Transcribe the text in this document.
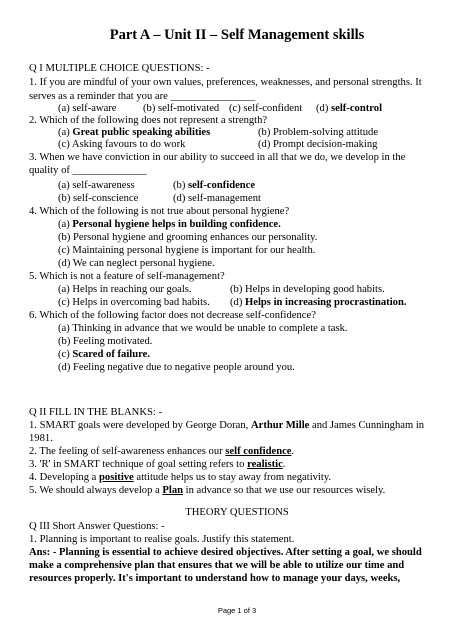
Part A – Unit II – Self Management skills
Q I MULTIPLE CHOICE QUESTIONS: -
1. If you are mindful of your own values, preferences, weaknesses, and personal strengths. It
serves as a reminder that you are ________________
(a) self-aware (b) self-motivated (c) self-confident (d) self-control
2. Which of the following does not represent a strength?
(a) Great public speaking abilities	(b) Problem-solving attitude
(c) Asking favours to do work	(d) Prompt decision-making
3. When we have conviction in our ability to succeed in all that we do, we develop in the
quality of ______________
(a) self-awareness	(b) self-confidence
(b) self-conscience	(d) self-management
4. Which of the following is not true about personal hygiene?
(a) Personal hygiene helps in building confidence.
(b) Personal hygiene and grooming enhances our personality.
(c) Maintaining personal hygiene is important for our health.
(d) We can neglect personal hygiene.
5. Which is not a feature of self-management?
(a) Helps in reaching our goals.	(b) Helps in developing good habits.
(c) Helps in overcoming bad habits. (d) Helps in increasing procrastination.
6. Which of the following factor does not decrease self-confidence?
(a) Thinking in advance that we would be unable to complete a task.
(b) Feeling motivated.
(c) Scared of failure.
(d) Feeling negative due to negative people around you.
Q II FILL IN THE BLANKS: -
1. SMART goals were developed by George Doran, Arthur Mille and James Cunningham in
1981.
2. The feeling of self-awareness enhances our self confidence.
3. 'R' in SMART technique of goal setting refers to realistic.
4. Developing a positive attitude helps us to stay away from negativity.
5. We should always develop a Plan in advance so that we use our resources wisely.
THEORY QUESTIONS
Q III Short Answer Questions: -
1. Planning is important to realise goals. Justify this statement.
Ans: - Planning is essential to achieve desired objectives. After setting a goal, we should
make a comprehensive plan that ensures that we will be able to utilize our time and
resources properly. It's important to understand how to manage your days, weeks,
Page 1 of 3
